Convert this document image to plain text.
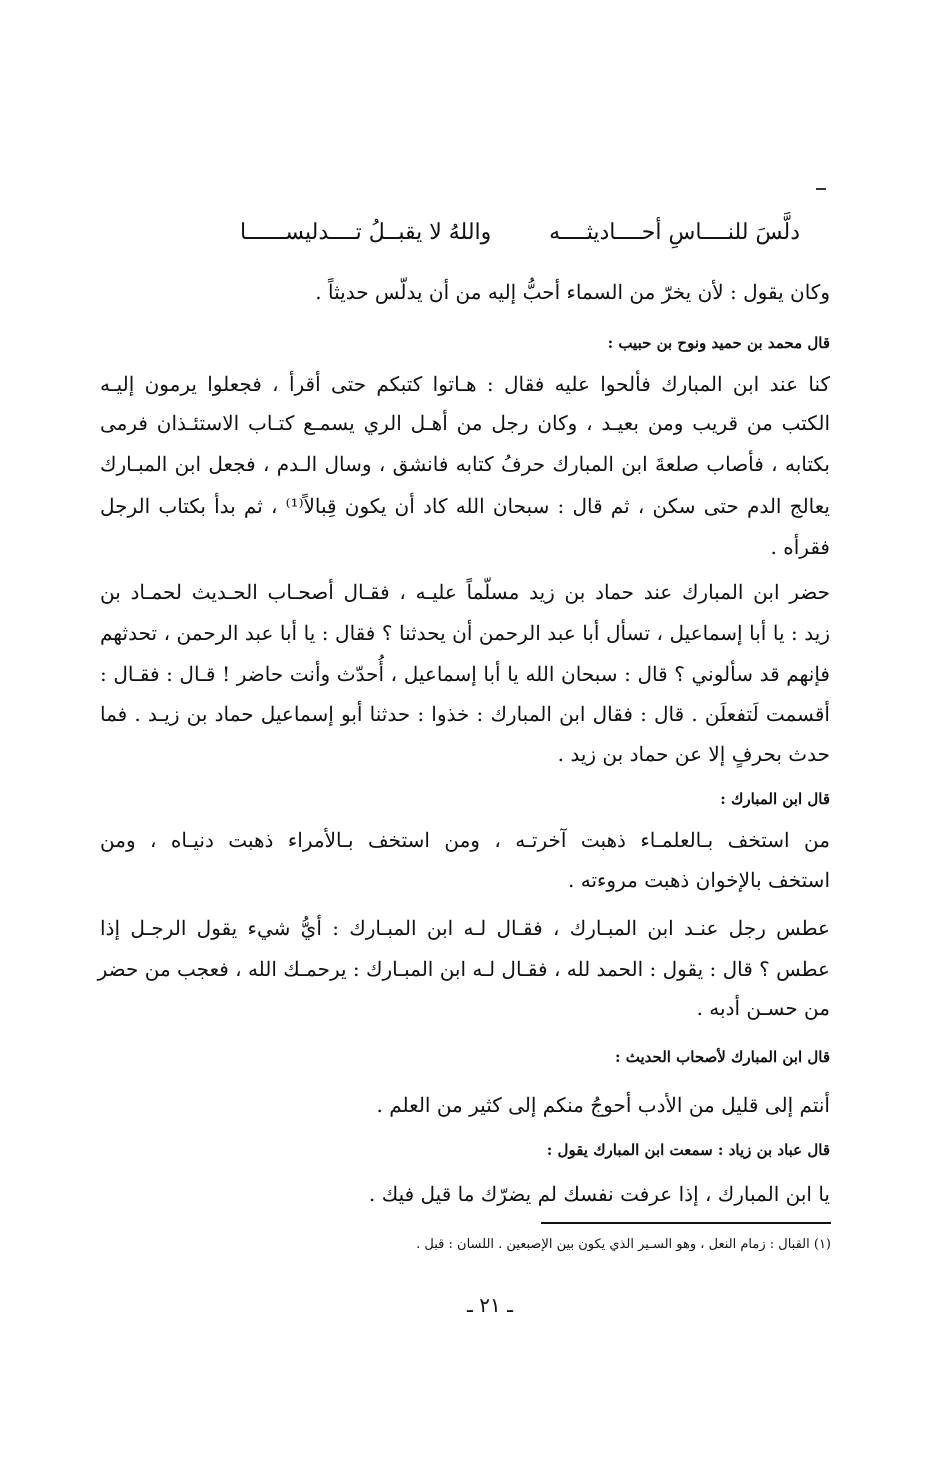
دلَّسَ للنــــاسِ أحــــاديثــــه
واللهُ لا يقبــلُ تــــدليســــــا
وكان يقول : لأن يخرّ من السماء أحبُّ إليه من أن يدلّس حديثاً .
قال محمد بن حميد ونوح بن حبيب :
كنا عند ابن المبارك فألحوا عليه فقال : هـاتوا كتبكم حتى أقرأ ، فجعلوا يرمون إليـه
الكتب من قريب ومن بعيـد ، وكان رجل من أهـل الري يسمـع كتـاب الاستئـذان فرمى
بكتابه ، فأصاب صلعةَ ابن المبارك حرفُ كتابه فانشق ، وسال الـدم ، فجعل ابن المبـارك
يعالج الدم حتى سكن ، ثم قال : سبحان الله كاد أن يكون قِبالاً⁽¹⁾ ، ثم بدأ بكتاب الرجل
فقرأه .
حضر ابن المبارك عند حماد بن زيد مسلّماً عليـه ، فقـال أصحـاب الحـديث لحمـاد بن
زيد : يا أبا إسماعيل ، تسأل أبا عبد الرحمن أن يحدثنا ؟ فقال : يا أبا عبد الرحمن ، تحدثهم
فإنهم قد سألوني ؟ قال : سبحان الله يا أبا إسماعيل ، أُحدّث وأنت حاضر ! قـال : فقـال :
أقسمت لَتفعلَن . قال : فقال ابن المبارك : خذوا : حدثنا أبو إسماعيل حماد بن زيـد . فما
حدث بحرفٍ إلا عن حماد بن زيد .
قال ابن المبارك :
من استخف بـالعلمـاء ذهبت آخرتـه ، ومن استخف بـالأمراء ذهبت دنيـاه ، ومن
استخف بالإخوان ذهبت مروءته .
عطس رجل عنـد ابن المبـارك ، فقـال لـه ابن المبـارك : أيُّ شيء يقول الرجـل إذا
عطس ؟ قال : يقول : الحمد لله ، فقـال لـه ابن المبـارك : يرحمـك الله ، فعجب من حضر
من حسـن أدبه .
قال ابن المبارك لأصحاب الحديث :
أنتم إلى قليل من الأدب أحوجُ منكم إلى كثير من العلم .
قال عباد بن زياد : سمعت ابن المبارك يقول :
يا ابن المبارك ، إذا عرفت نفسك لم يضرّك ما قيل فيك .
(١) القبال : زمام النعل ، وهو السـير الذي يكون بين الإصبعين . اللسان : قبل .
ـ ٢١ ـ
